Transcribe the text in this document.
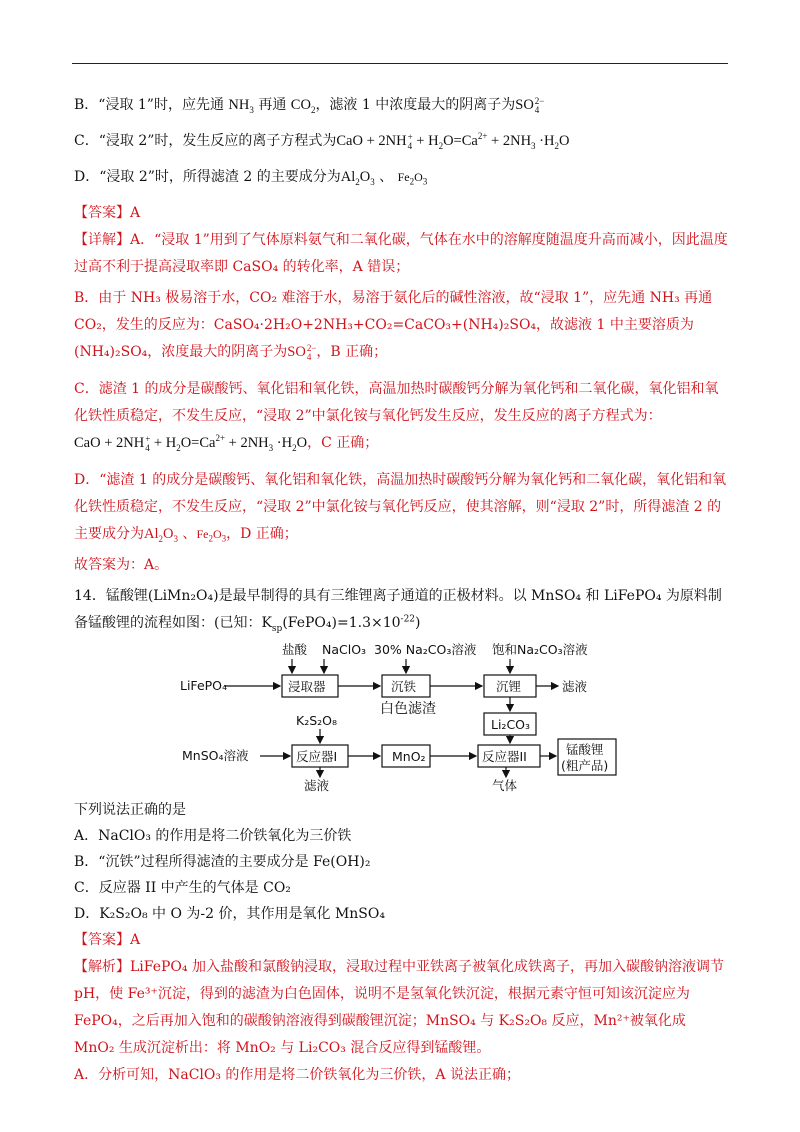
B．“浸取 1”时，应先通 $NH_3$ 再通 $CO_2$，滤液 1 中浓度最大的阴离子为SO 2−
4

C．“浸取 2”时，发生反应的离子方程式为CaO + 2NH +
$4 + H_2O=Ca^{2+} + 2NH_3 \cdot H_2O$

D．“浸取 2”时，所得滤渣 2 的主要成分为$Al_2O_3$ 、 $Fe_2O_3$

【答案】A

【详解】A．“浸取 1”用到了气体原料氨气和二氧化碳，气体在水中的溶解度随温度升高而减小，因此温度过高不利于提高浸取率即 CaSO₄ 的转化率，A 错误；

B．由于 NH₃ 极易溶于水，CO₂ 难溶于水，易溶于氨化后的碱性溶液，故“浸取 1”，应先通 NH₃ 再通 CO₂，发生的反应为：CaSO₄·2H₂O+2NH₃+CO₂=CaCO₃+(NH₄)₂SO₄，故滤液 1 中主要溶质为(NH₄)₂SO₄，浓度最大的阴离子为SO 2−
4 ，B 正确；

C．滤渣 1 的成分是碳酸钙、氧化铝和氧化铁，高温加热时碳酸钙分解为氧化钙和二氧化碳，氧化铝和氧化铁性质稳定，不发生反应，“浸取 2”中氯化铵与氧化钙发生反应，发生反应的离子方程式为：
CaO + 2NH +
$4 + H_2O=Ca^{2+} + 2NH_3 \cdot H_2O$，C 正确；

D．“滤渣 1 的成分是碳酸钙、氧化铝和氧化铁，高温加热时碳酸钙分解为氧化钙和二氧化碳，氧化铝和氧化铁性质稳定，不发生反应，“浸取 2”中氯化铵与氧化钙反应，使其溶解，则“浸取 2”时，所得滤渣 2 的主要成分为$Al_2O_3$ 、$Fe_2O_3$，D 正确；

故答案为：A。

14．锰酸锂(LiMn₂O₄)是最早制得的具有三维锂离子通道的正极材料。以 MnSO₄ 和 LiFePO₄ 为原料制备锰酸锂的流程如图：(已知：$K_{sp}(FePO_4)=1.3\times 10^{-22}$)

盐酸 NaClO₃ 30% Na₂CO₃溶液 饱和Na₂CO₃溶液
LiFePO₄	浸取器	沉铁	沉锂	滤液
白色滤渣
Li₂CO₃
K₂S₂O₈
MnSO₄溶液	反应器I	MnO₂	反应器II	锰酸锂
(粗产品)
滤液	气体

下列说法正确的是

A．NaClO₃ 的作用是将二价铁氧化为三价铁

B．“沉铁”过程所得滤渣的主要成分是 Fe(OH)₂

C．反应器 II 中产生的气体是 CO₂

D．K₂S₂O₈ 中 O 为-2 价，其作用是氧化 MnSO₄

【答案】A

【解析】LiFePO₄ 加入盐酸和氯酸钠浸取，浸取过程中亚铁离子被氧化成铁离子，再加入碳酸钠溶液调节 pH，使 Fe³⁺沉淀，得到的滤渣为白色固体，说明不是氢氧化铁沉淀，根据元素守恒可知该沉淀应为 FePO₄，之后再加入饱和的碳酸钠溶液得到碳酸锂沉淀；MnSO₄ 与 K₂S₂O₈ 反应，Mn²⁺被氧化成 MnO₂ 生成沉淀析出：将 MnO₂ 与 Li₂CO₃ 混合反应得到锰酸锂。

A．分析可知，NaClO₃ 的作用是将二价铁氧化为三价铁，A 说法正确；
